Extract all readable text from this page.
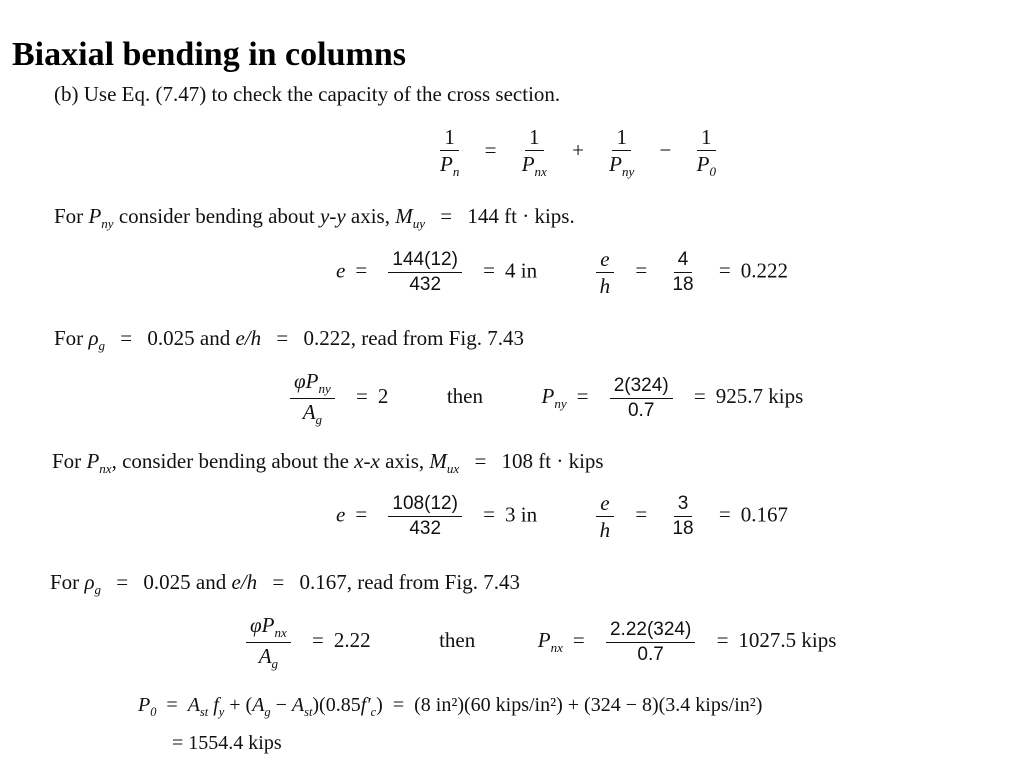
Biaxial bending in columns
(b) Use Eq. (7.47) to check the capacity of the cross section.
$\frac{1}{P_n} = \frac{1}{P_{nx}} + \frac{1}{P_{ny}} - \frac{1}{P_0}$
For $P_{ny}$ consider bending about y-y axis, $M_{uy} = 144$ ft · kips.
$e = \frac{144(12)}{432} = 4$ in	$\frac{e}{h} = \frac{4}{18} = 0.222$
For $\rho_g = 0.025$ and e/h = 0.222, read from Fig. 7.43
$\frac{\varphi P_{ny}}{A_g} = 2$	then	$P_{ny} = \frac{2(324)}{0.7} = 925.7$ kips
For $P_{nx}$, consider bending about the x-x axis, $M_{ux} = 108$ ft · kips
$e = \frac{108(12)}{432} = 3$ in	$\frac{e}{h} = \frac{3}{18} = 0.167$
For $\rho_g = 0.025$ and e/h = 0.167, read from Fig. 7.43
$\frac{\varphi P_{nx}}{A_g} = 2.22$	then	$P_{nx} = \frac{2.22(324)}{0.7} = 1027.5$ kips
$P_0 = A_{st}$ $f_y + (A_g - A_{st})(0.85f'_c) = (8$ in²)(60 kips/in²) + (324 − 8)(3.4 kips/in²)
= 1554.4 kips
